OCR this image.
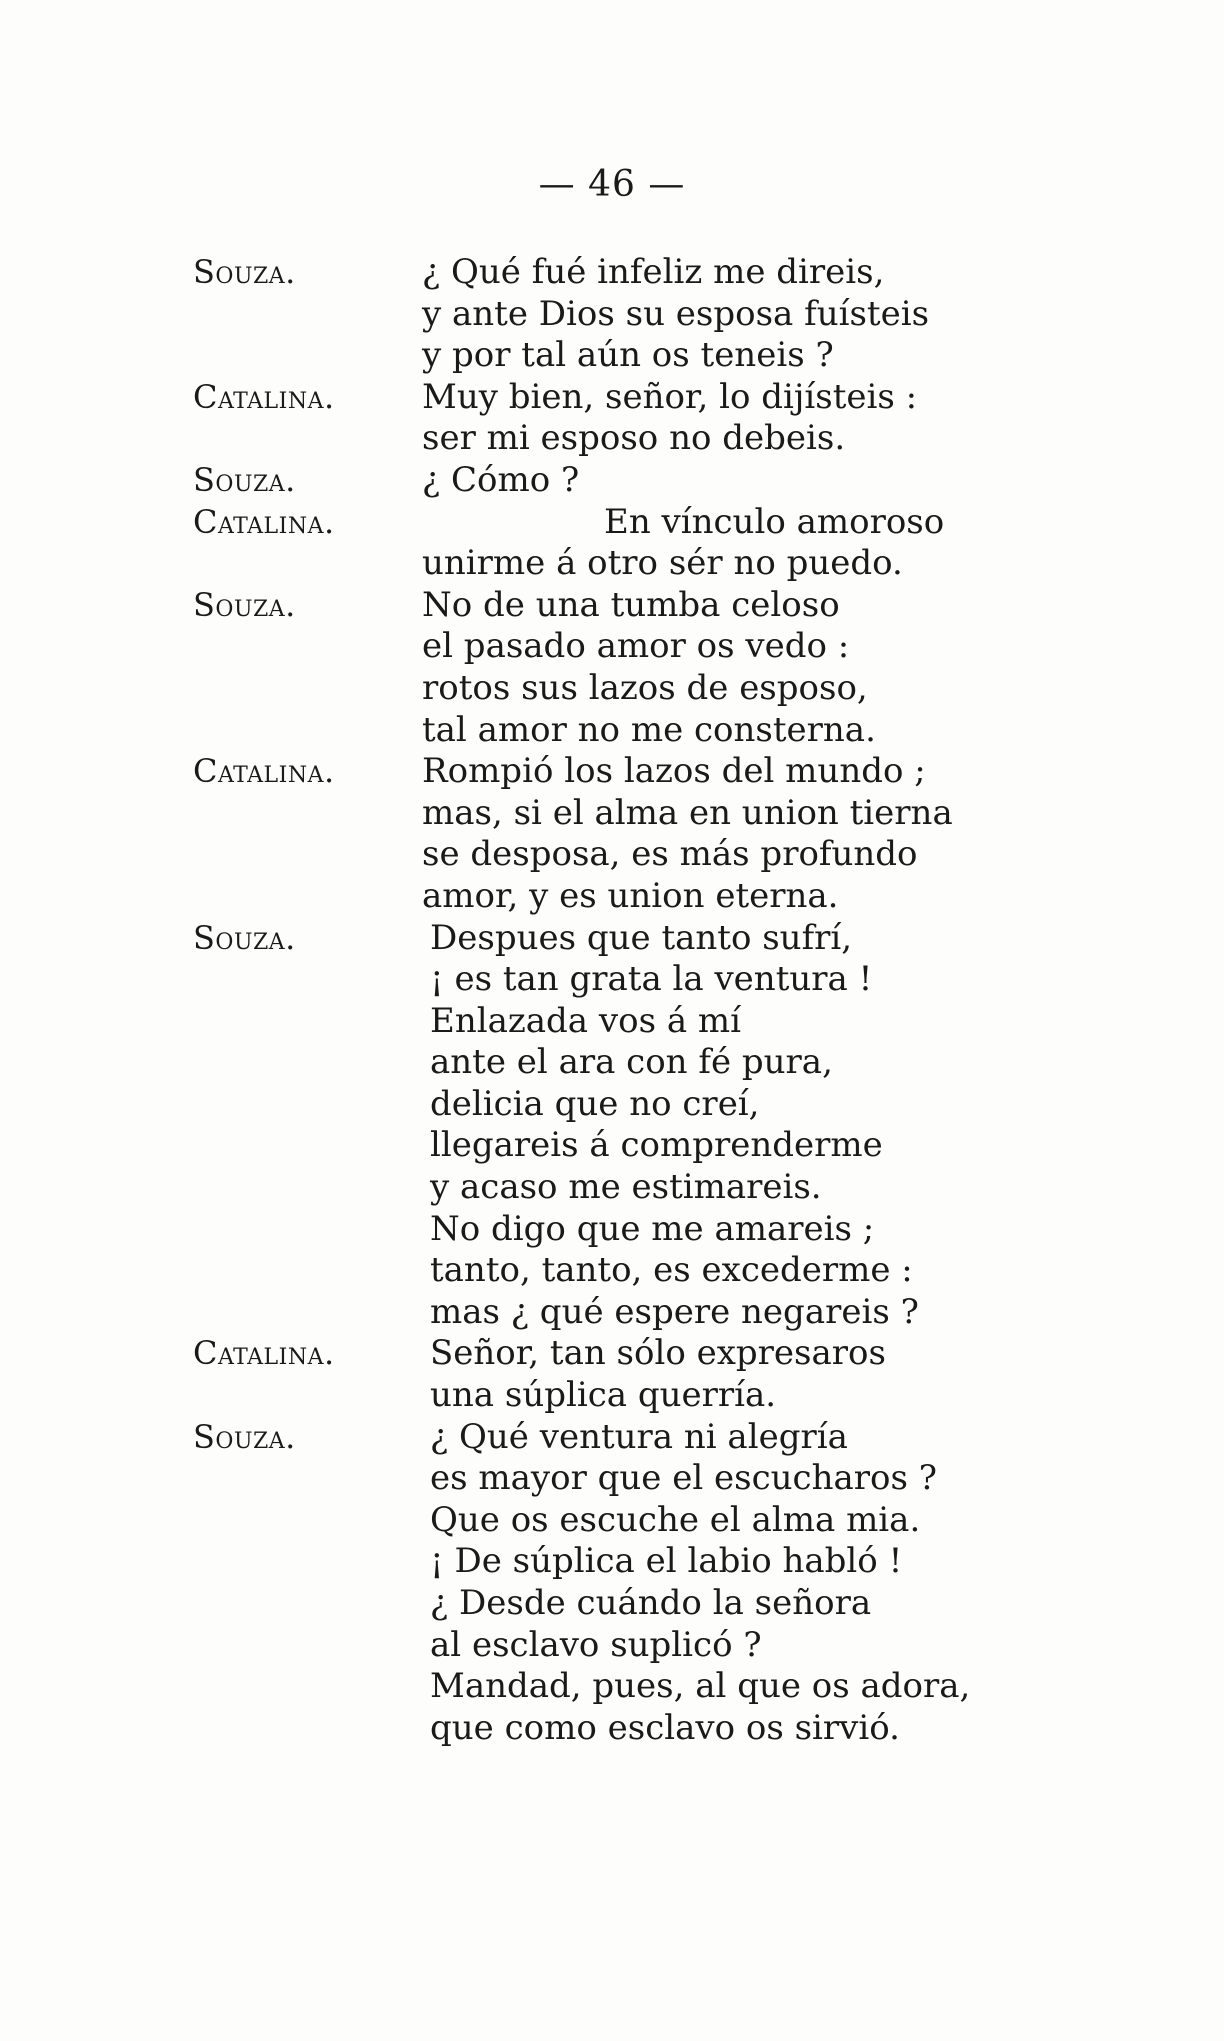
— 46 —
Souza.	¿ Qué fué infeliz me direis,
y ante Dios su esposa fuísteis
y por tal aún os teneis ?
Catalina.	Muy bien, señor, lo dijísteis :
ser mi esposo no debeis.
Souza.	¿ Cómo ?
Catalina.	En vínculo amoroso
unirme á otro sér no puedo.
Souza.	No de una tumba celoso
el pasado amor os vedo :
rotos sus lazos de esposo,
tal amor no me consterna.
Catalina.	Rompió los lazos del mundo ;
mas, si el alma en union tierna
se desposa, es más profundo
amor, y es union eterna.
Souza.	Despues que tanto sufrí,
¡ es tan grata la ventura !
Enlazada vos á mí
ante el ara con fé pura,
delicia que no creí,
llegareis á comprenderme
y acaso me estimareis.
No digo que me amareis ;
tanto, tanto, es excederme :
mas ¿ qué espere negareis ?
Catalina.	Señor, tan sólo expresaros
una súplica querría.
Souza.	¿ Qué ventura ni alegría
es mayor que el escucharos ?
Que os escuche el alma mia.
¡ De súplica el labio habló !
¿ Desde cuándo la señora
al esclavo suplicó ?
Mandad, pues, al que os adora,
que como esclavo os sirvió.
